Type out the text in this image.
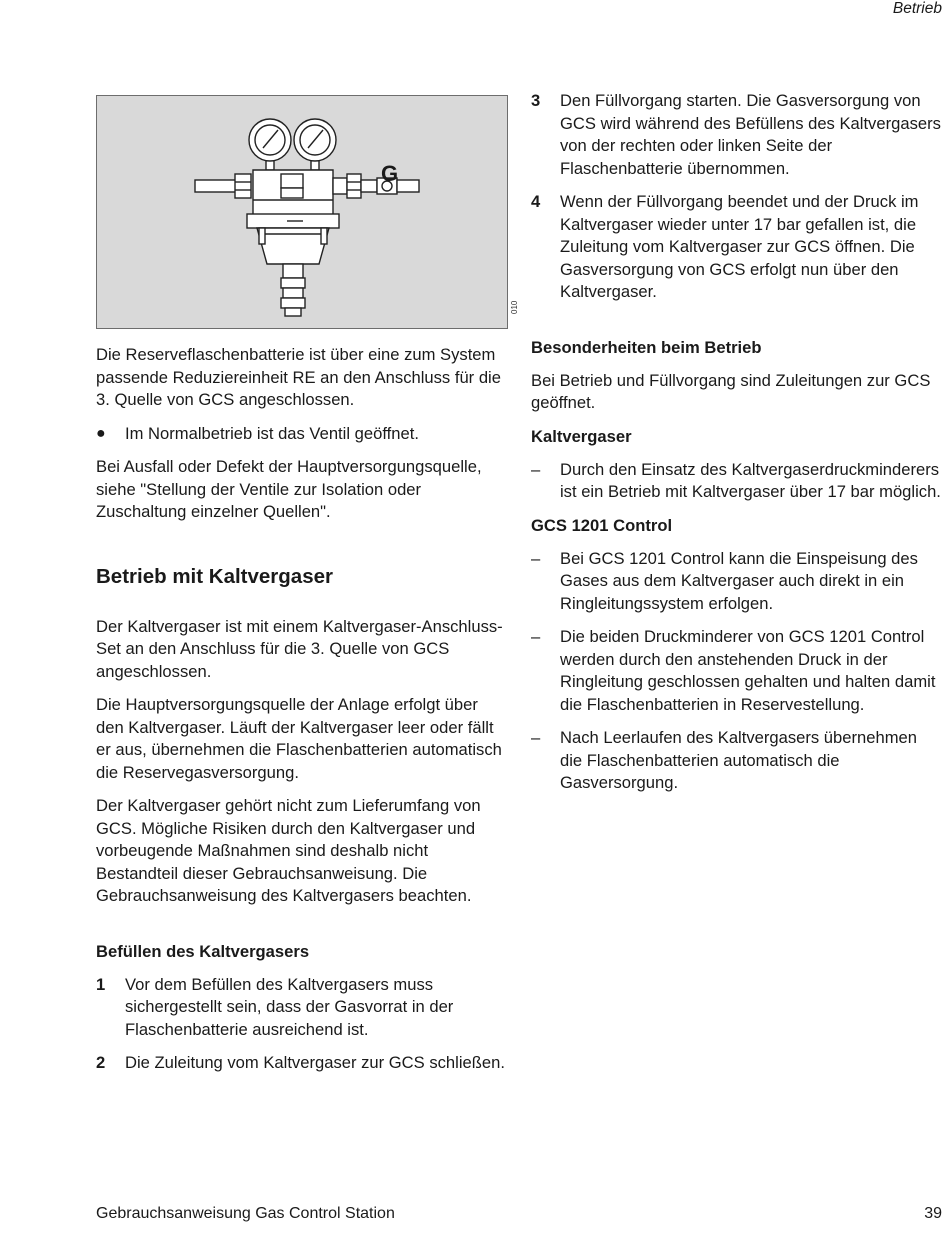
Betrieb
G
010

Die Reserveflaschenbatterie ist über eine zum System passende Reduziereinheit RE an den Anschluss für die 3. Quelle von GCS angeschlossen.

●	Im Normalbetrieb ist das Ventil geöffnet.

Bei Ausfall oder Defekt der Hauptversorgungsquelle, siehe "Stellung der Ventile zur Isolation oder Zuschaltung einzelner Quellen".

Betrieb mit Kaltvergaser

Der Kaltvergaser ist mit einem Kaltvergaser-Anschluss-Set an den Anschluss für die 3. Quelle von GCS angeschlossen.

Die Hauptversorgungsquelle der Anlage erfolgt über den Kaltvergaser. Läuft der Kaltvergaser leer oder fällt er aus, übernehmen die Flaschenbatterien automatisch die Reservegasversorgung.

Der Kaltvergaser gehört nicht zum Lieferumfang von GCS. Mögliche Risiken durch den Kaltvergaser und vorbeugende Maßnahmen sind deshalb nicht Bestandteil dieser Gebrauchsanweisung. Die Gebrauchsanweisung des Kaltvergasers beachten.

Befüllen des Kaltvergasers
1	Vor dem Befüllen des Kaltvergasers muss sichergestellt sein, dass der Gasvorrat in der Flaschenbatterie ausreichend ist.
2	Die Zuleitung vom Kaltvergaser zur GCS schließen.
3	Den Füllvorgang starten. Die Gasversorgung von GCS wird während des Befüllens des Kaltvergasers von der rechten oder linken Seite der Flaschenbatterie übernommen.
4	Wenn der Füllvorgang beendet und der Druck im Kaltvergaser wieder unter 17 bar gefallen ist, die Zuleitung vom Kaltvergaser zur GCS öffnen. Die Gasversorgung von GCS erfolgt nun über den Kaltvergaser.
Besonderheiten beim Betrieb

Bei Betrieb und Füllvorgang sind Zuleitungen zur GCS geöffnet.

Kaltvergaser
–	Durch den Einsatz des Kaltvergaserdruckminderers ist ein Betrieb mit Kaltvergaser über 17 bar möglich.
GCS 1201 Control
–	Bei GCS 1201 Control kann die Einspeisung des Gases aus dem Kaltvergaser auch direkt in ein Ringleitungssystem erfolgen.
–	Die beiden Druckminderer von GCS 1201 Control werden durch den anstehenden Druck in der Ringleitung geschlossen gehalten und halten damit die Flaschenbatterien in Reservestellung.
–	Nach Leerlaufen des Kaltvergasers übernehmen die Flaschenbatterien automatisch die Gasversorgung.
Gebrauchsanweisung Gas Control Station	39
